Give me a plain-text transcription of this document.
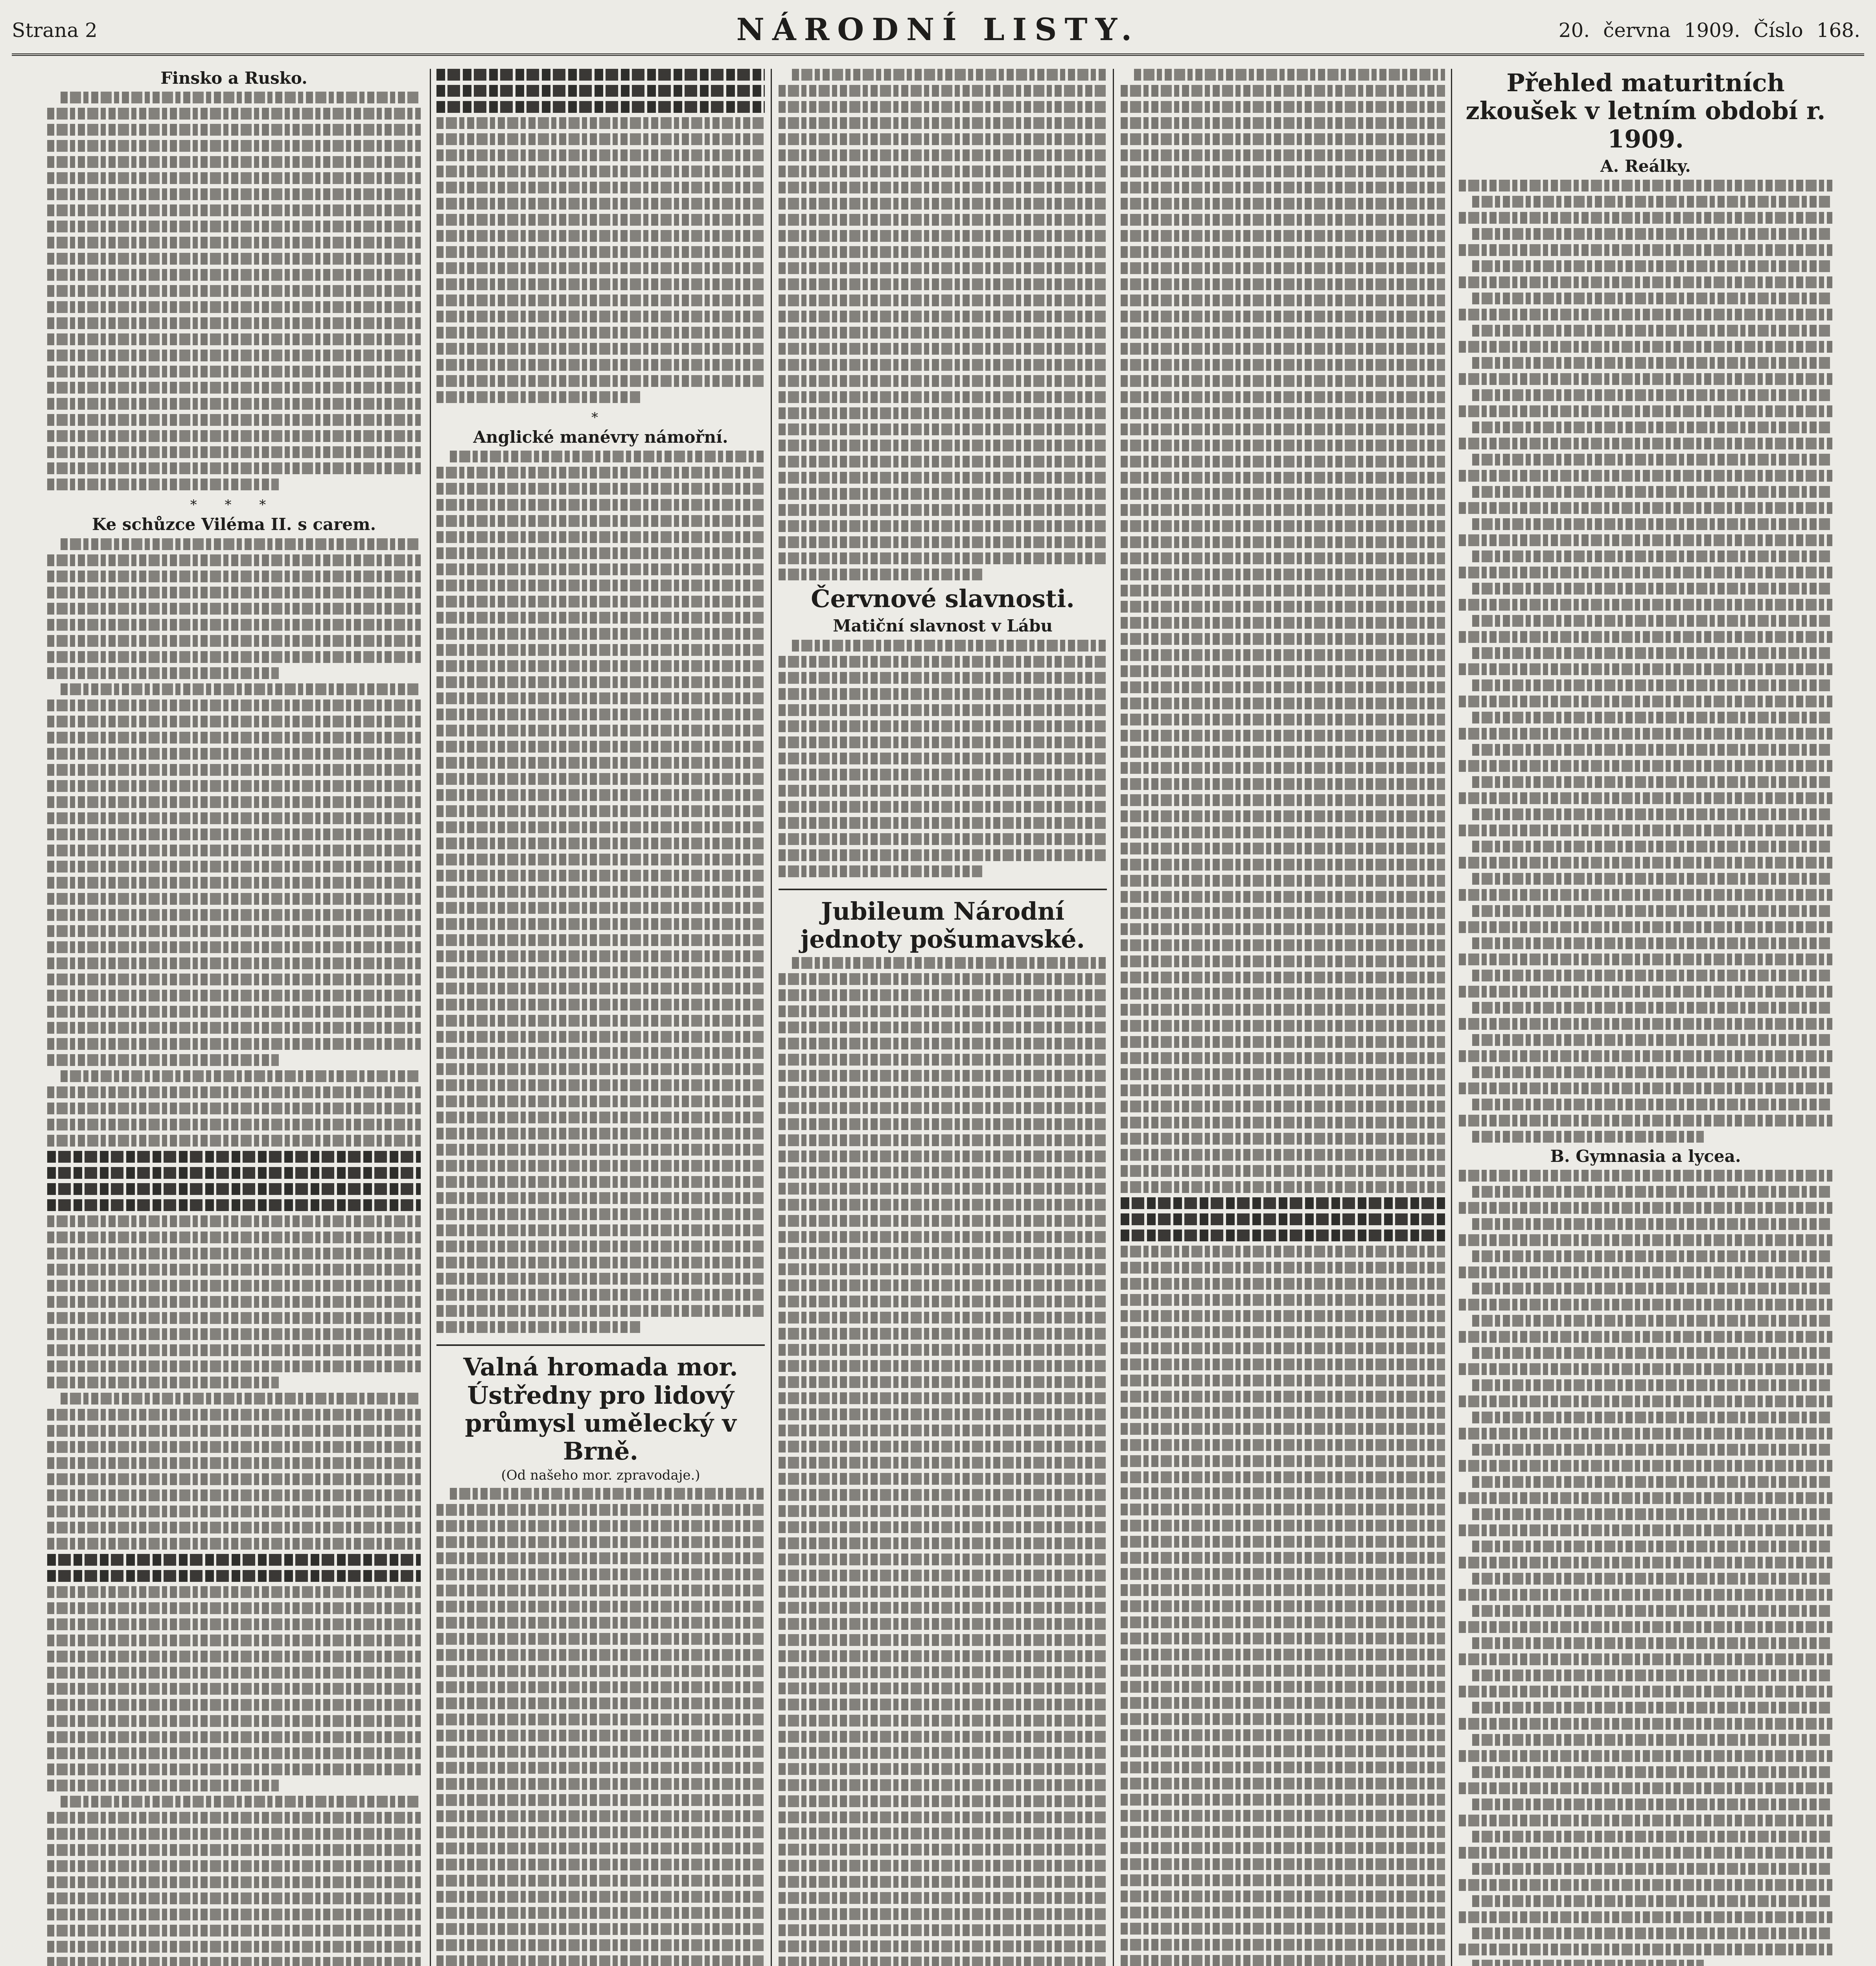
Strana 2	NÁRODNÍ LISTY.	20. června 1909. Číslo 168.
Finsko a Rusko.
* * *
Ke schůzce Viléma II. s carem.
*
Anglické manévry námořní.
Valná hromada mor. Ústředny pro lidový průmysl umělecký v Brně.
(Od našeho mor. zpravodaje.)
Červnové slavnosti.
Matiční slavnost v Lábu
Jubileum Národní jednoty pošumavské.
Přehled maturitních zkoušek v letním období r. 1909.
A. Reálky.
B. Gymnasia a lycea.
